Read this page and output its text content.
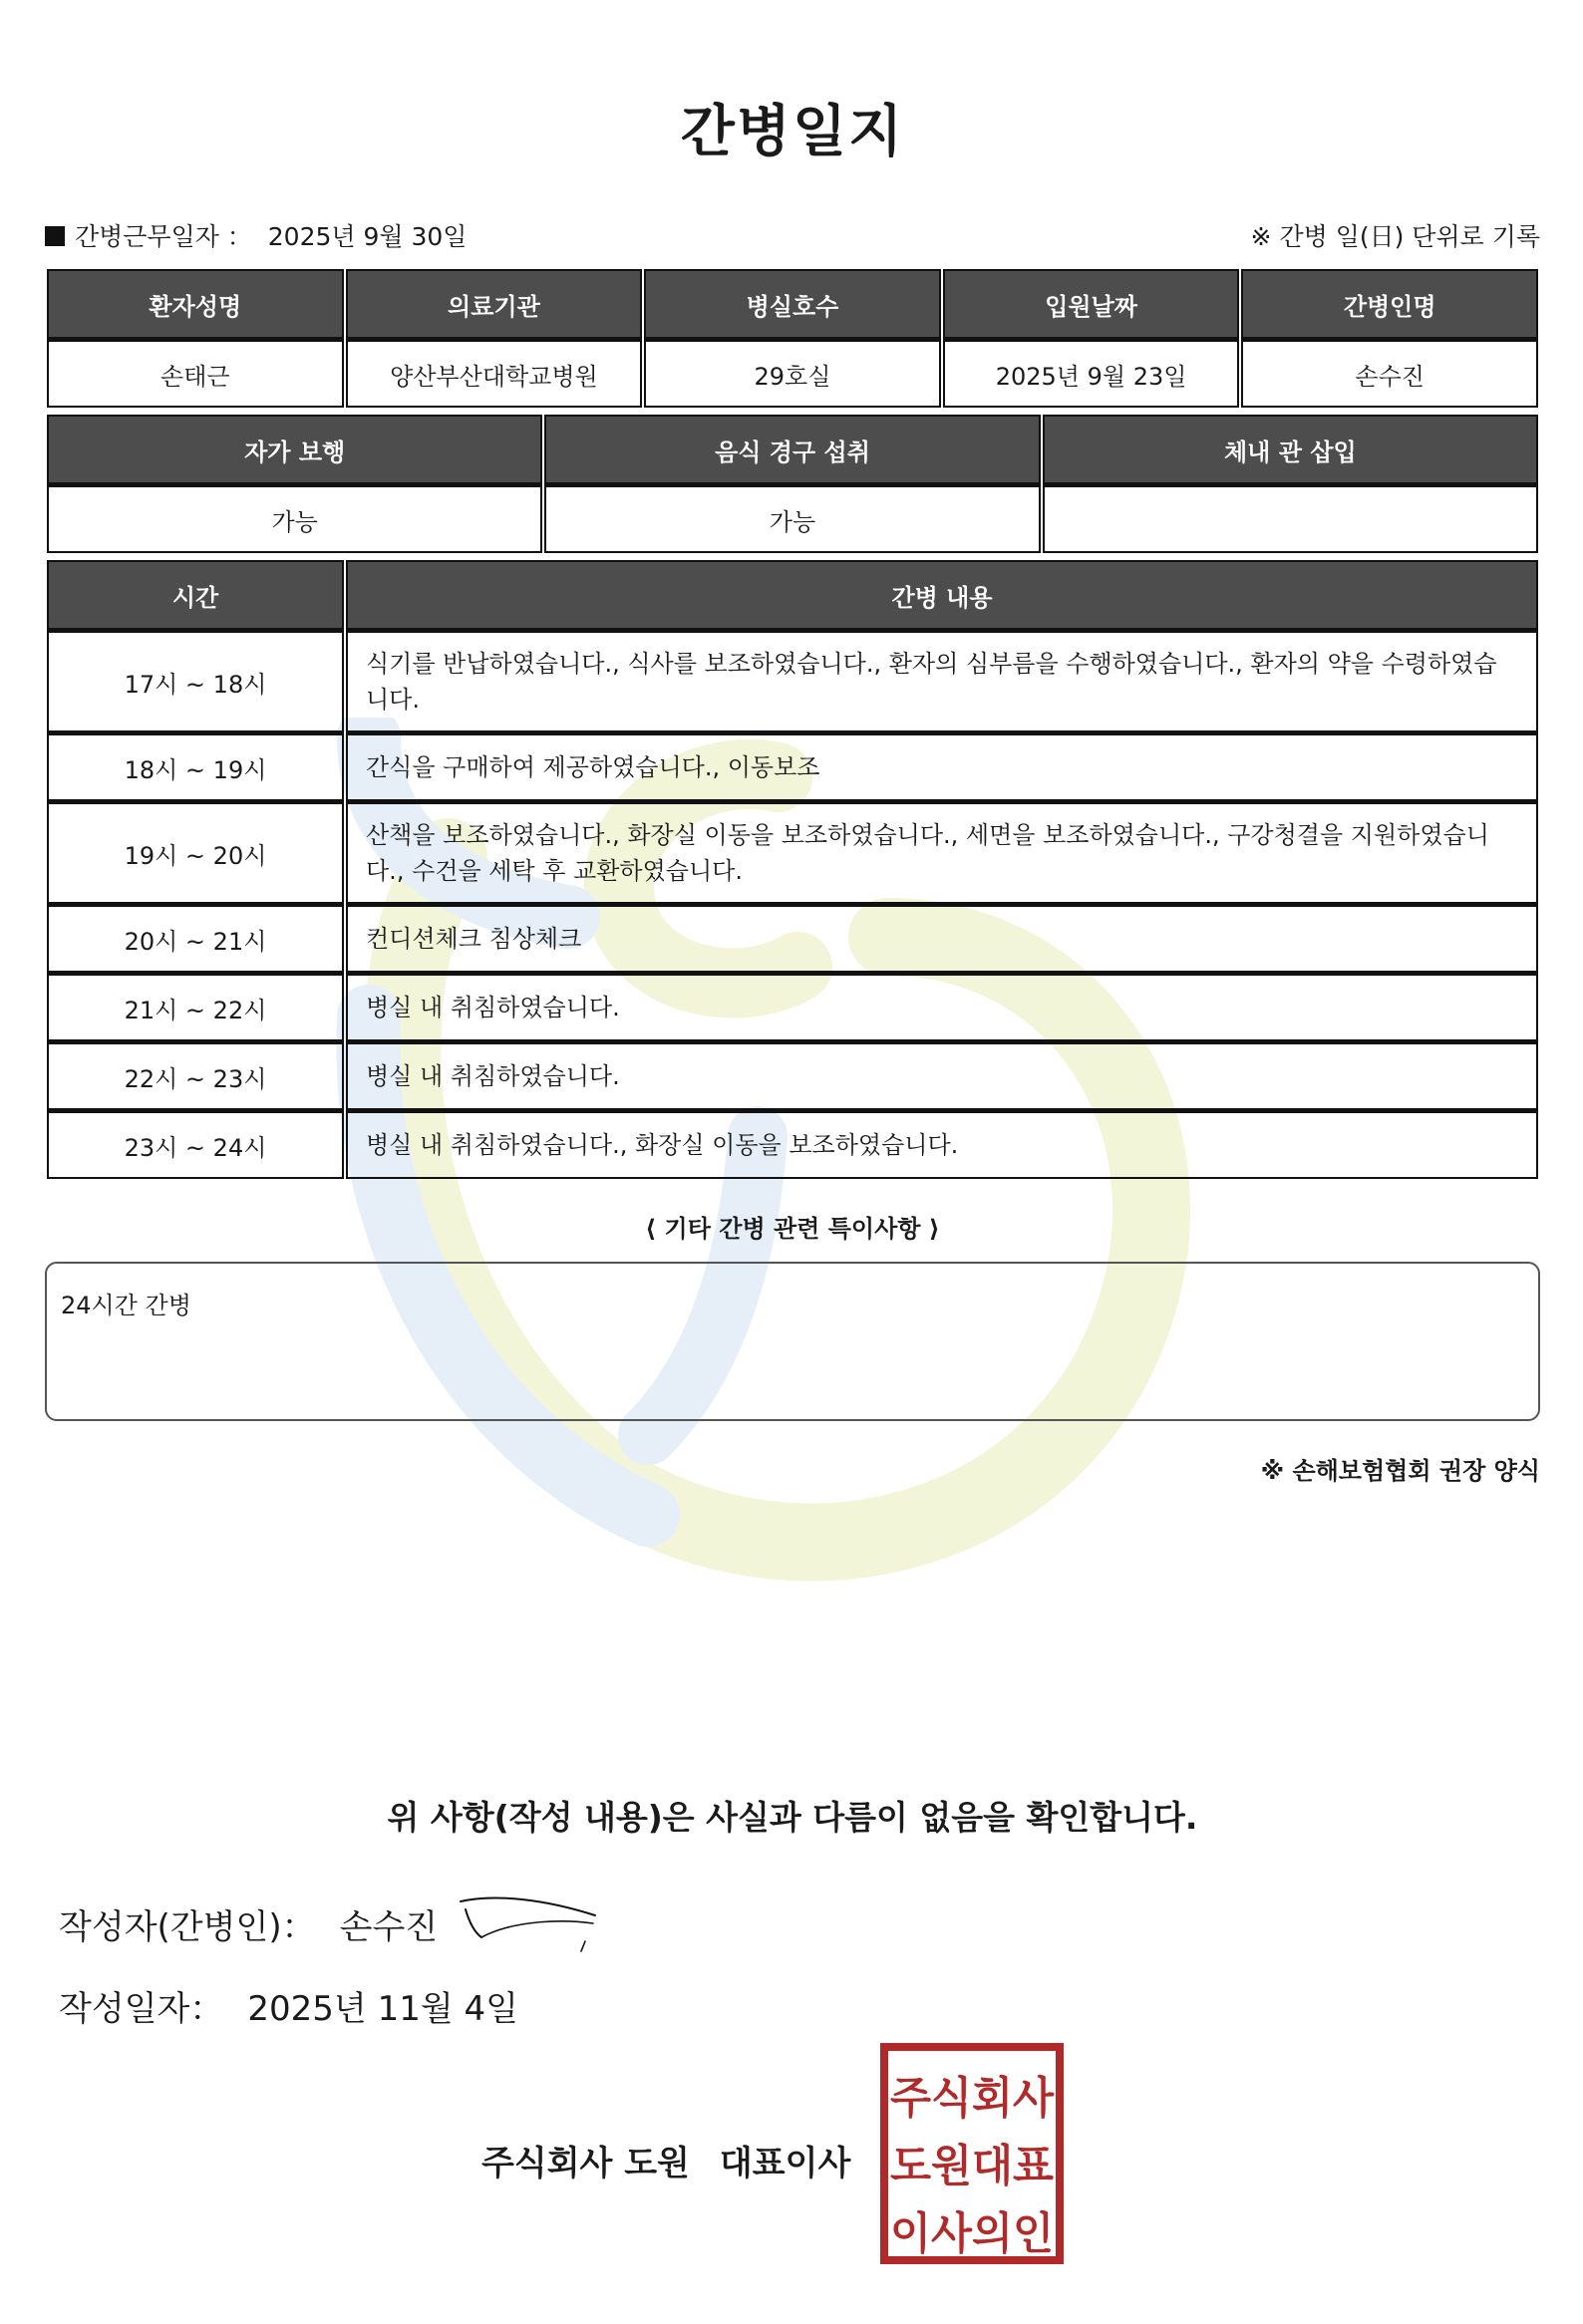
간병일지
간병근무일자 ： 2025년 9월 30일	※ 간병 일(日) 단위로 기록
환자성명	의료기관	병실호수	입원날짜	간병인명
손태근	양산부산대학교병원	29호실	2025년 9월 23일	손수진
자가 보행	음식 경구 섭취	체내 관 삽입
가능	가능	
시간	간병 내용
17시 ~ 18시	식기를 반납하였습니다., 식사를 보조하였습니다., 환자의 심부름을 수행하였습니다., 환자의 약을 수령하였습니다.
18시 ~ 19시	간식을 구매하여 제공하였습니다., 이동보조
19시 ~ 20시	산책을 보조하였습니다., 화장실 이동을 보조하였습니다., 세면을 보조하였습니다., 구강청결을 지원하였습니다., 수건을 세탁 후 교환하였습니다.
20시 ~ 21시	컨디션체크 침상체크
21시 ~ 22시	병실 내 취침하였습니다.
22시 ~ 23시	병실 내 취침하였습니다.
23시 ~ 24시	병실 내 취침하였습니다., 화장실 이동을 보조하였습니다.
⟨ 기타 간병 관련 특이사항 ⟩
24시간 간병
※ 손해보험협회 권장 양식
위 사항(작성 내용)은 사실과 다름이 없음을 확인합니다.
작성자(간병인)： 손수진
작성일자： 2025년 11월 4일
주식회사 도원 대표이사
주식회사
도원대표
이사의인
